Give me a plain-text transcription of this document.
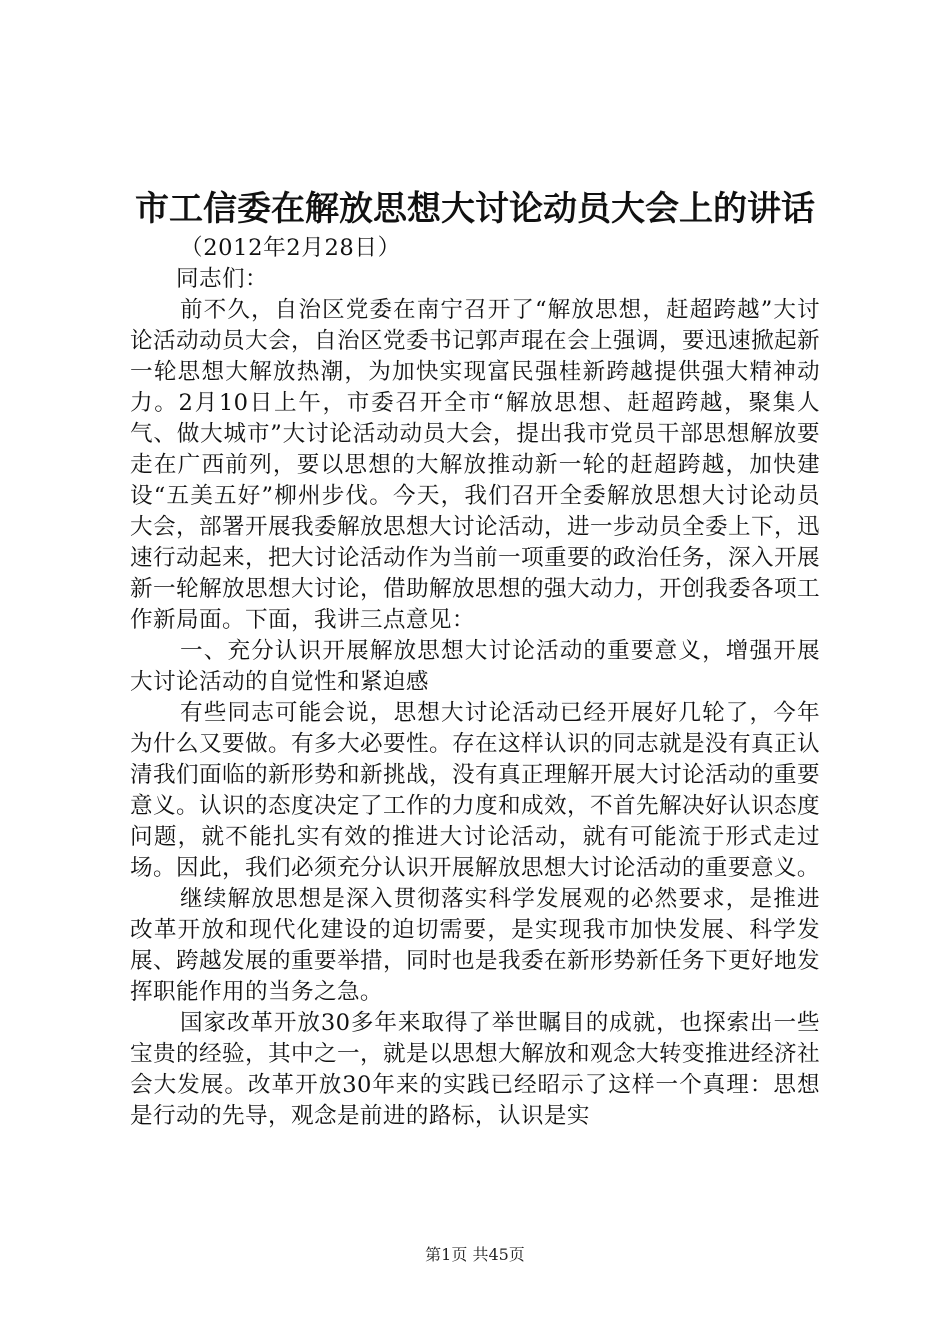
市工信委在解放思想大讨论动员大会上的讲话

（2012年2月28日）

同志们：

前不久，自治区党委在南宁召开了“解放思想，赶超跨越”大讨论活动动员大会，自治区党委书记郭声琨在会上强调，要迅速掀起新一轮思想大解放热潮，为加快实现富民强桂新跨越提供强大精神动力。2月10日上午，市委召开全市“解放思想、赶超跨越，聚集人气、做大城市”大讨论活动动员大会，提出我市党员干部思想解放要走在广西前列，要以思想的大解放推动新一轮的赶超跨越，加快建设“五美五好”柳州步伐。今天，我们召开全委解放思想大讨论动员大会，部署开展我委解放思想大讨论活动，进一步动员全委上下，迅速行动起来，把大讨论活动作为当前一项重要的政治任务，深入开展新一轮解放思想大讨论，借助解放思想的强大动力，开创我委各项工作新局面。下面，我讲三点意见：

一、充分认识开展解放思想大讨论活动的重要意义，增强开展大讨论活动的自觉性和紧迫感

有些同志可能会说，思想大讨论活动已经开展好几轮了，今年为什么又要做。有多大必要性。存在这样认识的同志就是没有真正认清我们面临的新形势和新挑战，没有真正理解开展大讨论活动的重要意义。认识的态度决定了工作的力度和成效，不首先解决好认识态度问题，就不能扎实有效的推进大讨论活动，就有可能流于形式走过场。因此，我们必须充分认识开展解放思想大讨论活动的重要意义。

继续解放思想是深入贯彻落实科学发展观的必然要求，是推进改革开放和现代化建设的迫切需要，是实现我市加快发展、科学发展、跨越发展的重要举措，同时也是我委在新形势新任务下更好地发挥职能作用的当务之急。

国家改革开放30多年来取得了举世瞩目的成就，也探索出一些宝贵的经验，其中之一，就是以思想大解放和观念大转变推进经济社会大发展。改革开放30年来的实践已经昭示了这样一个真理：思想是行动的先导，观念是前进的路标，认识是实

第1页 共45页
